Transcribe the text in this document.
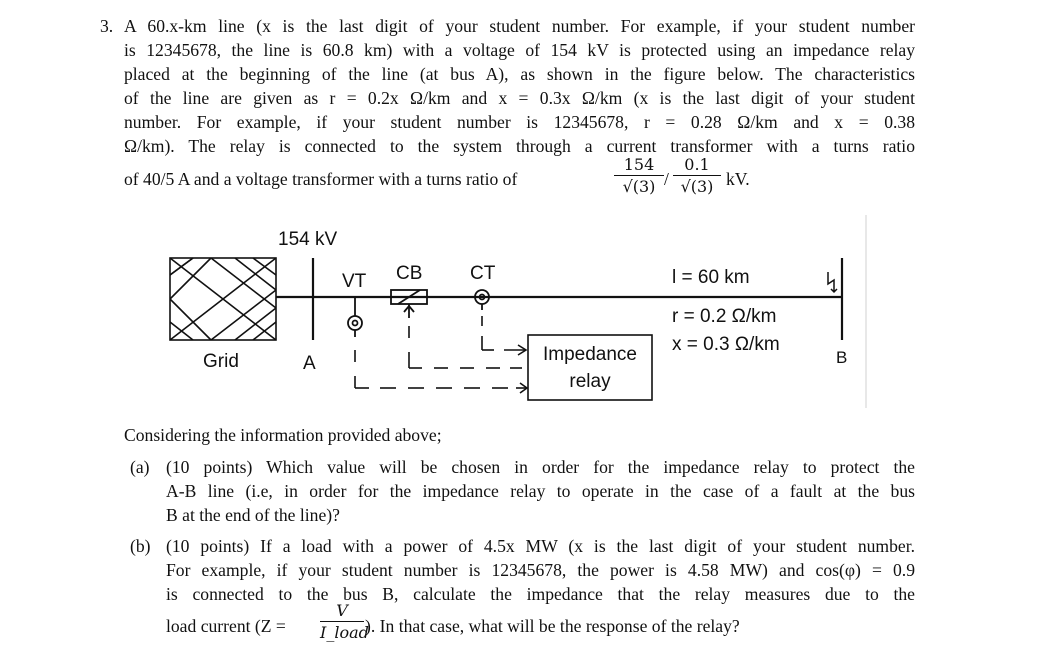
3. A 60.x-km line (x is the last digit of your student number. For example, if your student number
is 12345678, the line is 60.8 km) with a voltage of 154 kV is protected using an impedance relay
placed at the beginning of the line (at bus A), as shown in the figure below. The characteristics
of the line are given as r = 0.2x Ω/km and x = 0.3x Ω/km (x is the last digit of your student
number. For example, if your student number is 12345678, r = 0.28 Ω/km and x = 0.38
Ω/km). The relay is connected to the system through a current transformer with a turns ratio
of 40/5 A and a voltage transformer with a turns ratio of	$\frac{154}{√(3)} / \frac{0.1}{√(3)}$ kV.
154 kV
Grid	A	B
VT CB	CT	l = 60 km
r = 0.2 Ω/km
x = 0.3 Ω/km
Impedance
relay
Considering the information provided above;
(a) (10 points) Which value will be chosen in order for the impedance relay to protect the
A-B line (i.e, in order for the impedance relay to operate in the case of a fault at the bus
B at the end of the line)?
(b) (10 points) If a load with a power of 4.5x MW (x is the last digit of your student number.
For example, if your student number is 12345678, the power is 4.58 MW) and cos(φ) = 0.9
is connected to the bus B, calculate the impedance that the relay measures due to the
load current (Z =
V
I_load
). In that case, what will be the response of the relay?
